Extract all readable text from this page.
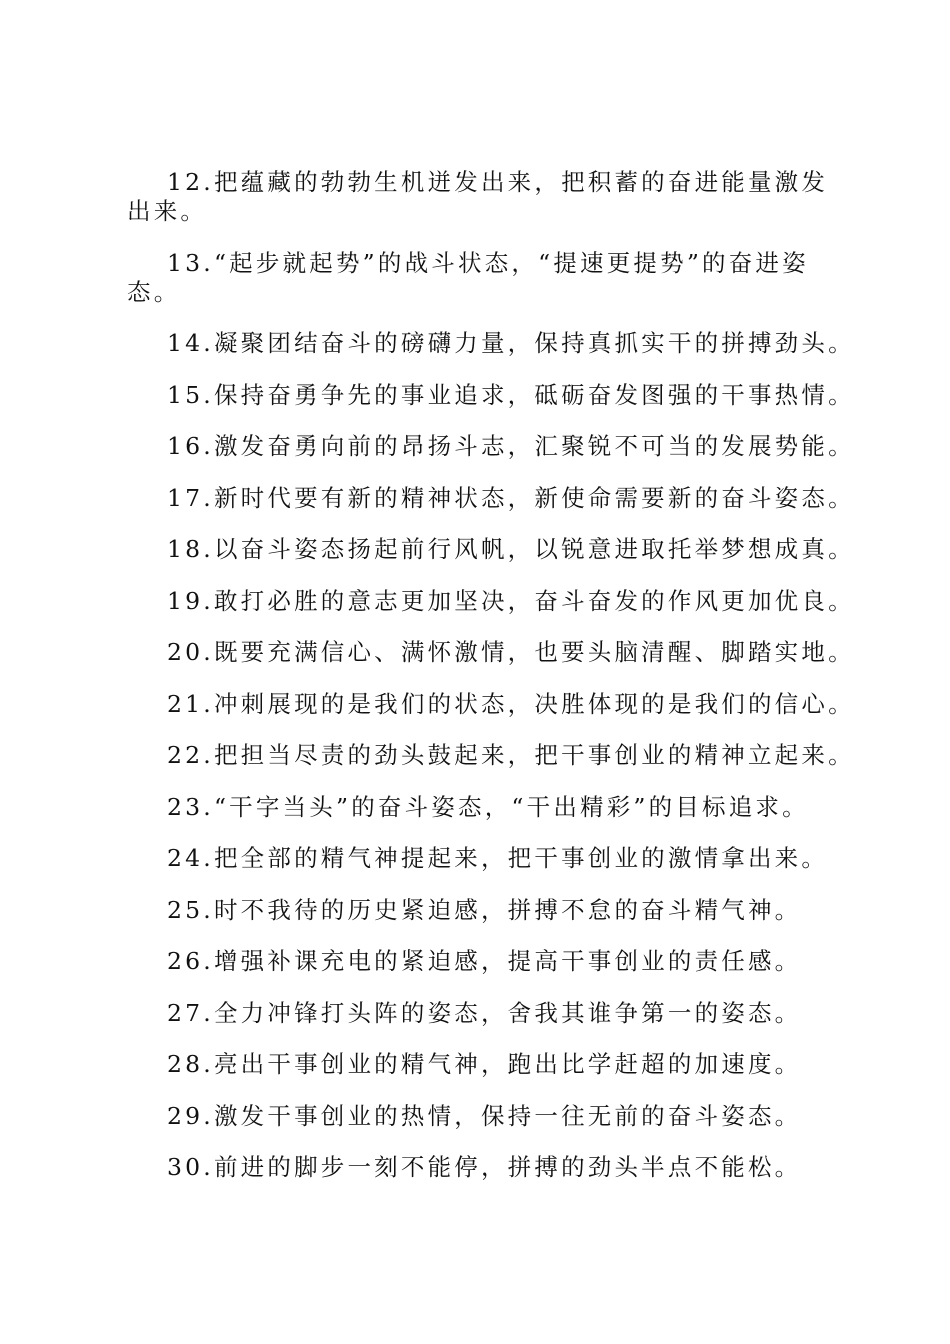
12.把蕴藏的勃勃生机迸发出来，把积蓄的奋进能量激发出来。

13.“起步就起势”的战斗状态，“提速更提势”的奋进姿态。

14.凝聚团结奋斗的磅礴力量，保持真抓实干的拼搏劲头。

15.保持奋勇争先的事业追求，砥砺奋发图强的干事热情。

16.激发奋勇向前的昂扬斗志，汇聚锐不可当的发展势能。

17.新时代要有新的精神状态，新使命需要新的奋斗姿态。

18.以奋斗姿态扬起前行风帆，以锐意进取托举梦想成真。

19.敢打必胜的意志更加坚决，奋斗奋发的作风更加优良。

20.既要充满信心、满怀激情，也要头脑清醒、脚踏实地。

21.冲刺展现的是我们的状态，决胜体现的是我们的信心。

22.把担当尽责的劲头鼓起来，把干事创业的精神立起来。

23.“干字当头”的奋斗姿态，“干出精彩”的目标追求。

24.把全部的精气神提起来，把干事创业的激情拿出来。

25.时不我待的历史紧迫感，拼搏不怠的奋斗精气神。

26.增强补课充电的紧迫感，提高干事创业的责任感。

27.全力冲锋打头阵的姿态，舍我其谁争第一的姿态。

28.亮出干事创业的精气神，跑出比学赶超的加速度。

29.激发干事创业的热情，保持一往无前的奋斗姿态。

30.前进的脚步一刻不能停，拼搏的劲头半点不能松。
